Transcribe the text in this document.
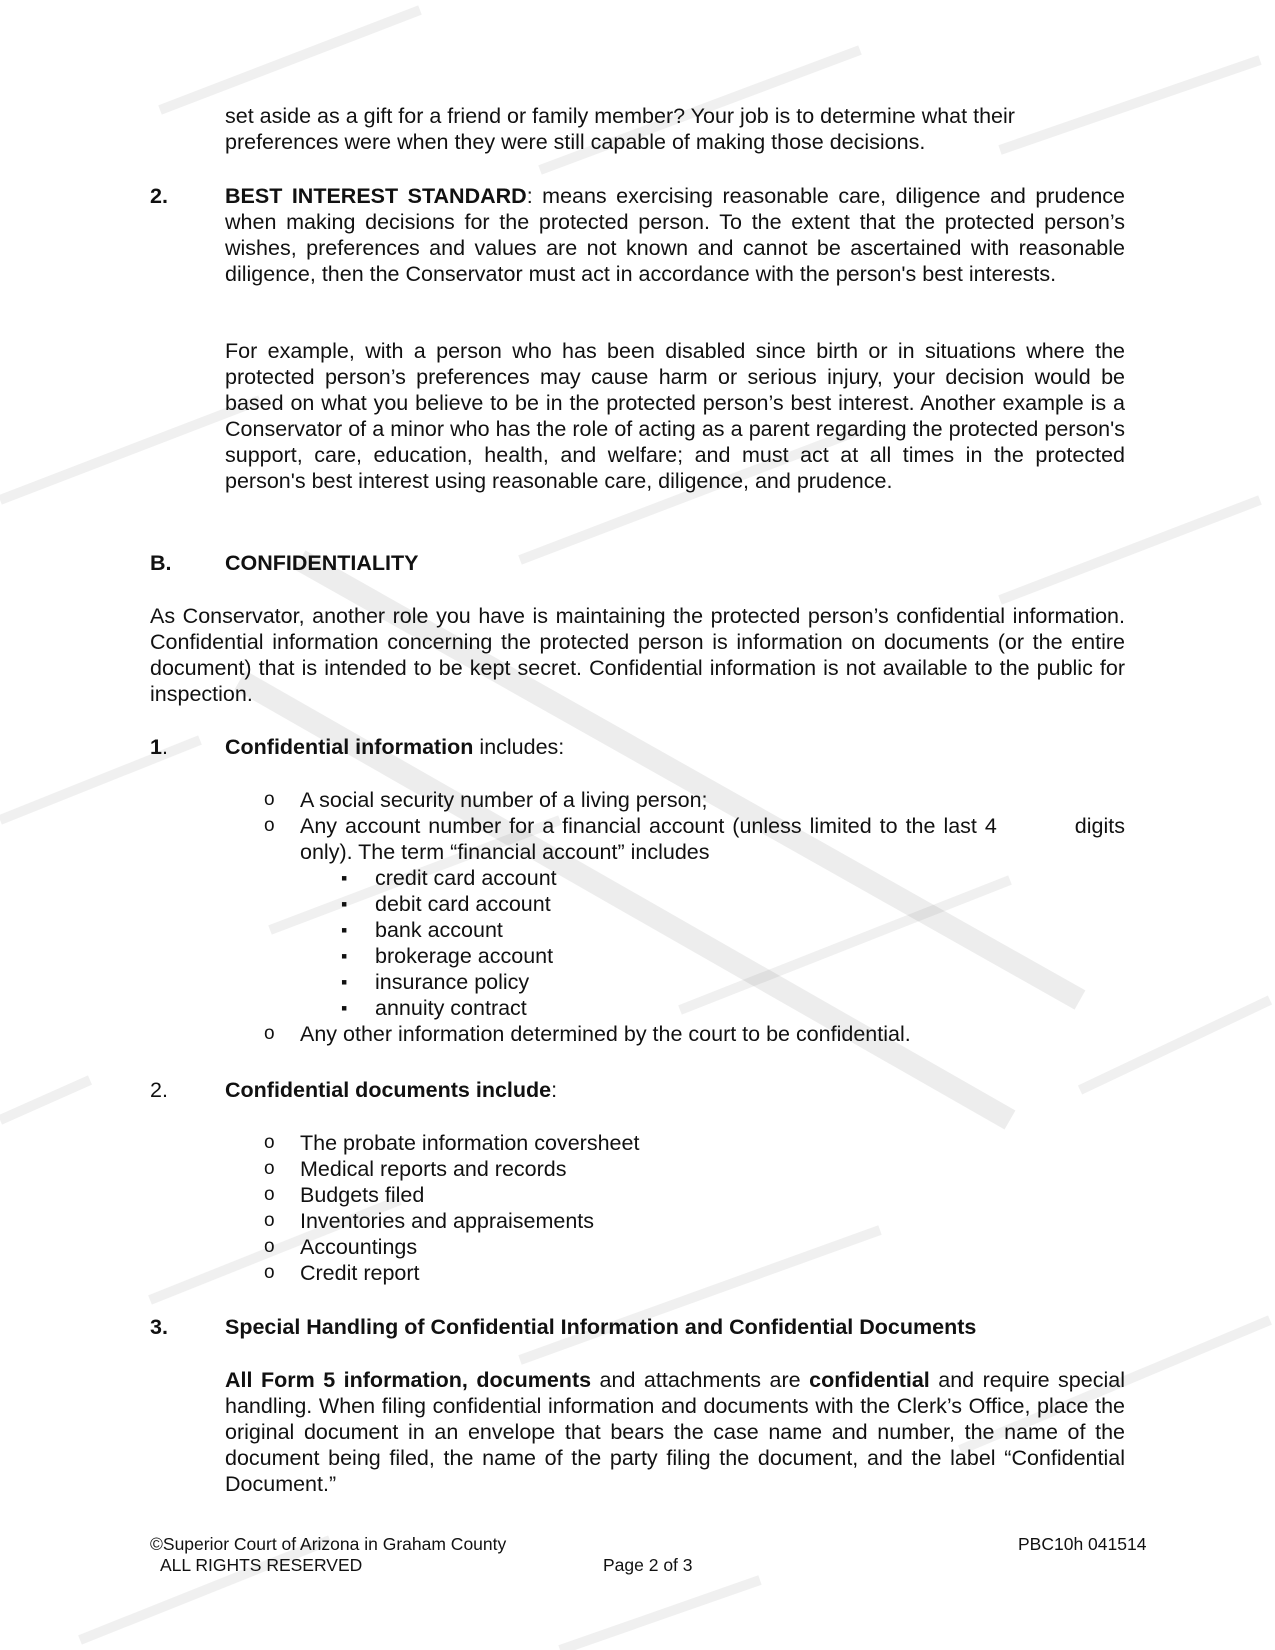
set aside as a gift for a friend or family member? Your job is to determine what their
preferences were when they were still capable of making those decisions.

2.	BEST INTEREST STANDARD: means exercising reasonable care, diligence and prudence when making decisions for the protected person. To the extent that the protected person’s wishes, preferences and values are not known and cannot be ascertained with reasonable diligence, then the Conservator must act in accordance with the person's best interests.

For example, with a person who has been disabled since birth or in situations where the protected person’s preferences may cause harm or serious injury, your decision would be based on what you believe to be in the protected person’s best interest. Another example is a Conservator of a minor who has the role of acting as a parent regarding the protected person's support, care, education, health, and welfare; and must act at all times in the protected person's best interest using reasonable care, diligence, and prudence.

B. CONFIDENTIALITY

As Conservator, another role you have is maintaining the protected person’s confidential information. Confidential information concerning the protected person is information on documents (or the entire document) that is intended to be kept secret. Confidential information is not available to the public for inspection.

1.	Confidential information includes:
o A social security number of a living person;
o Any account number for a financial account (unless limited to the last 4	digits
only). The term “financial account” includes
▪ credit card account
▪ debit card account
▪ bank account
▪ brokerage account
▪ insurance policy
▪ annuity contract
o Any other information determined by the court to be confidential.
2.	Confidential documents include:
o The probate information coversheet
o Medical reports and records
o Budgets filed
o Inventories and appraisements
o Accountings
o Credit report
3.	Special Handling of Confidential Information and Confidential Documents

All Form 5 information, documents and attachments are confidential and require special handling. When filing confidential information and documents with the Clerk’s Office, place the original document in an envelope that bears the case name and number, the name of the document being filed, the name of the party filing the document, and the label “Confidential Document.”

©Superior Court of Arizona in Graham County
ALL RIGHTS RESERVED	Page 2 of 3
PBC10h 041514
